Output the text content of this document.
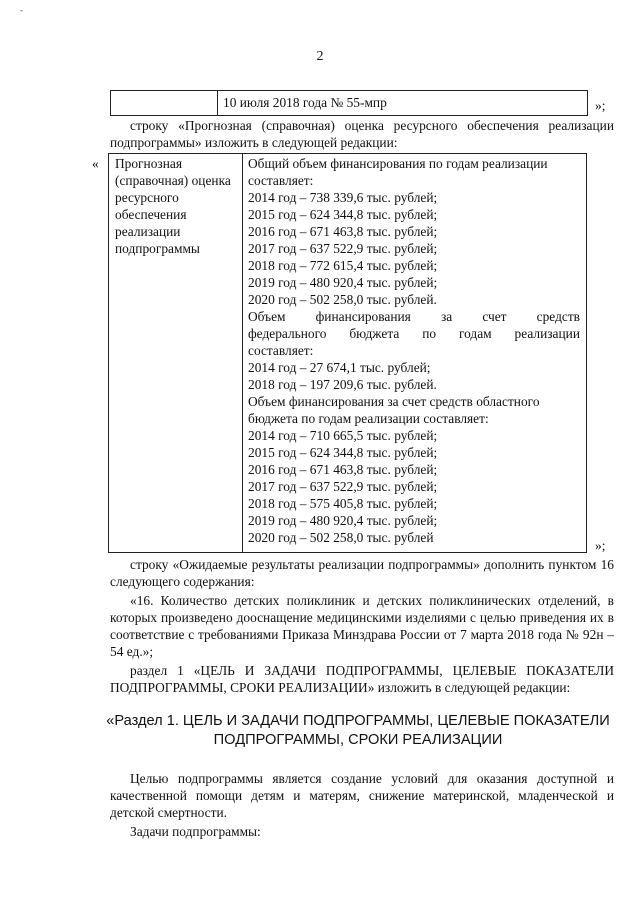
-
2
10 июля 2018 года № 55-мпр	»;
строку «Прогнозная (справочная) оценка ресурсного обеспечения реализации подпрограммы» изложить в следующей редакции:
«	Прогнозная (справочная) оценка ресурсного обеспечения реализации подпрограммы
Общий объем финансирования по годам реализации
составляет:
2014 год – 738 339,6 тыс. рублей;
2015 год – 624 344,8 тыс. рублей;
2016 год – 671 463,8 тыс. рублей;
2017 год – 637 522,9 тыс. рублей;
2018 год – 772 615,4 тыс. рублей;
2019 год – 480 920,4 тыс. рублей;
2020 год – 502 258,0 тыс. рублей.
Объем финансирования за счет средств
федерального бюджета по годам реализации
составляет:
2014 год – 27 674,1 тыс. рублей;
2018 год – 197 209,6 тыс. рублей.
Объем финансирования за счет средств областного
бюджета по годам реализации составляет:
2014 год – 710 665,5 тыс. рублей;
2015 год – 624 344,8 тыс. рублей;
2016 год – 671 463,8 тыс. рублей;
2017 год – 637 522,9 тыс. рублей;
2018 год – 575 405,8 тыс. рублей;
2019 год – 480 920,4 тыс. рублей;
2020 год – 502 258,0 тыс. рублей
»;
строку «Ожидаемые результаты реализации подпрограммы» дополнить пунктом 16 следующего содержания:
«16. Количество детских поликлиник и детских поликлинических отделений, в которых произведено дооснащение медицинскими изделиями с целью приведения их в соответствие с требованиями Приказа Минздрава России от 7 марта 2018 года № 92н – 54 ед.»;
раздел 1 «ЦЕЛЬ И ЗАДАЧИ ПОДПРОГРАММЫ, ЦЕЛЕВЫЕ ПОКАЗАТЕЛИ ПОДПРОГРАММЫ, СРОКИ РЕАЛИЗАЦИИ» изложить в следующей редакции:
«Раздел 1. ЦЕЛЬ И ЗАДАЧИ ПОДПРОГРАММЫ, ЦЕЛЕВЫЕ ПОКАЗАТЕЛИ
ПОДПРОГРАММЫ, СРОКИ РЕАЛИЗАЦИИ
Целью подпрограммы является создание условий для оказания доступной и качественной помощи детям и матерям, снижение материнской, младенческой и детской смертности.
Задачи подпрограммы:
